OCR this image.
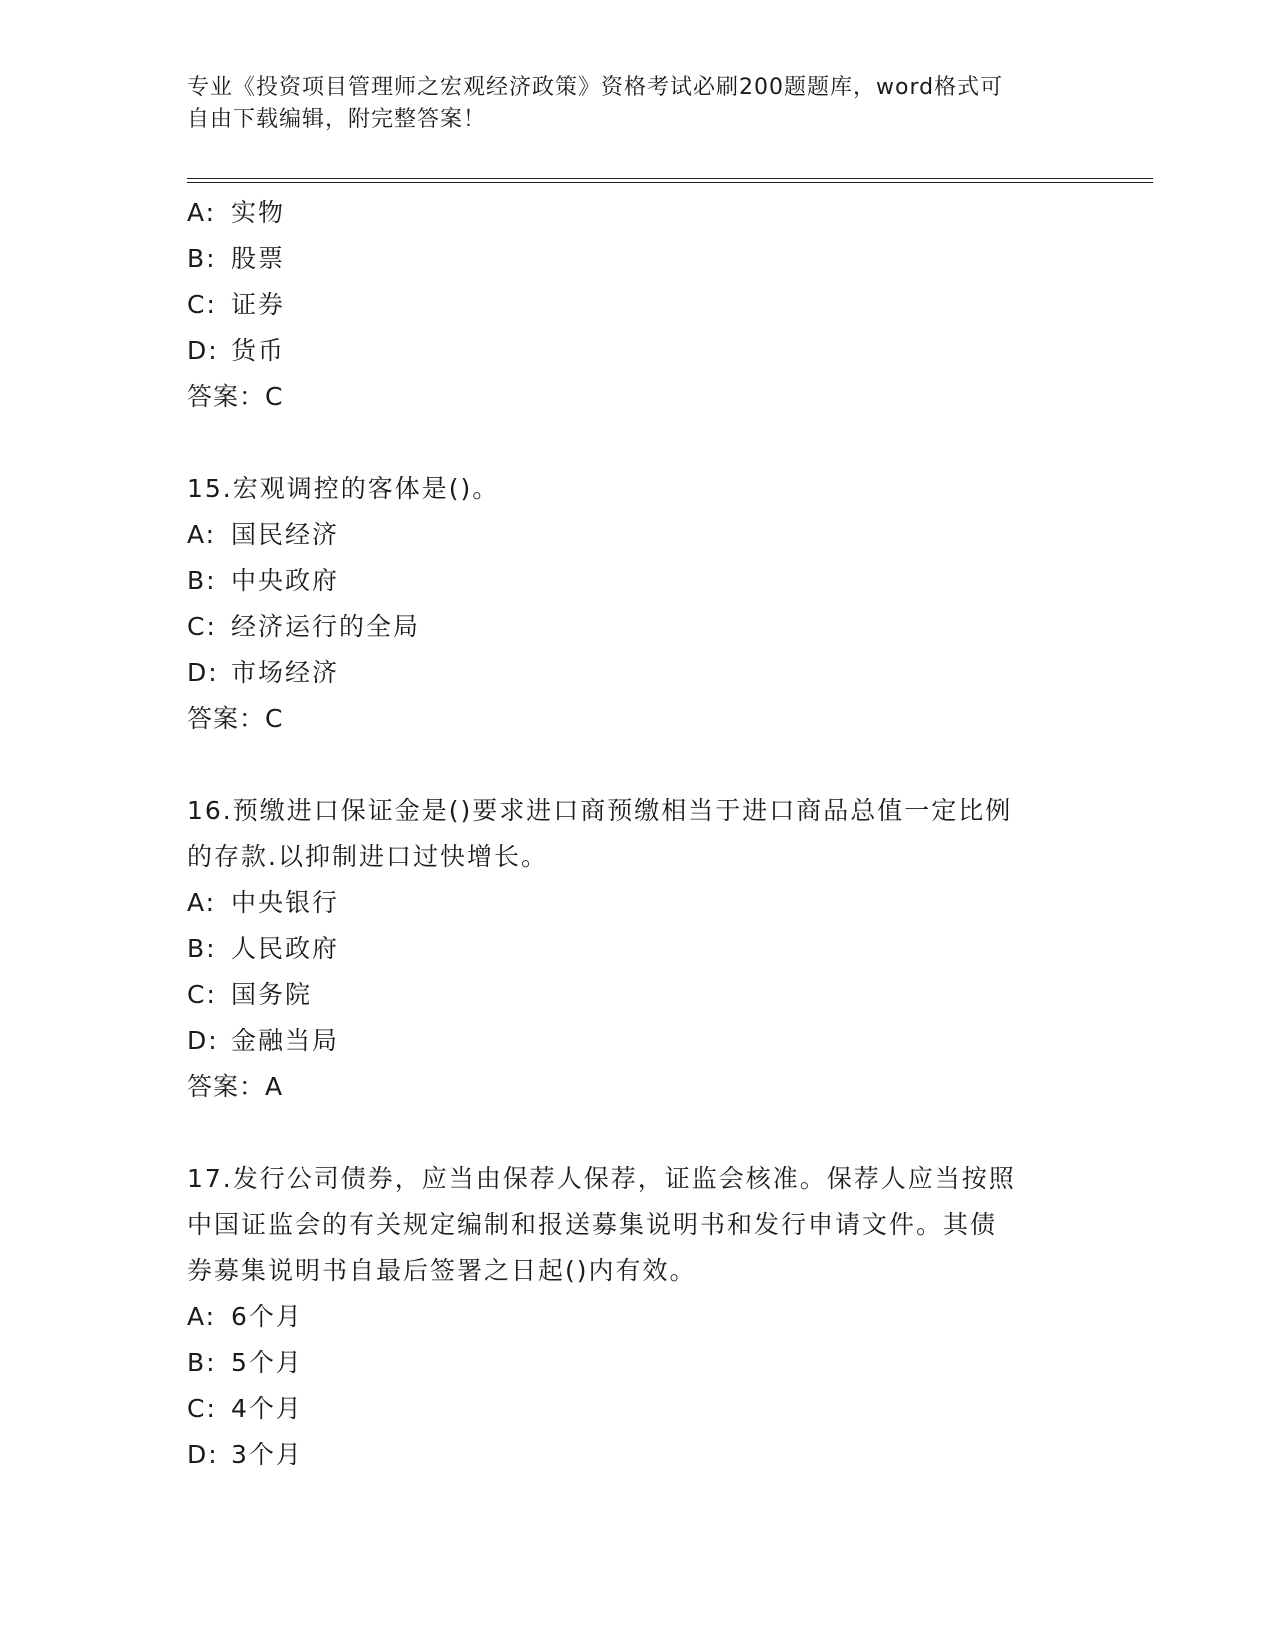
专业《投资项目管理师之宏观经济政策》资格考试必刷200题题库，word格式可
自由下载编辑，附完整答案！
A: 实物
B: 股票
C: 证券
D: 货币
答案：C
15.宏观调控的客体是()。
A: 国民经济
B: 中央政府
C: 经济运行的全局
D: 市场经济
答案：C
16.预缴进口保证金是()要求进口商预缴相当于进口商品总值一定比例
的存款.以抑制进口过快增长。
A: 中央银行
B: 人民政府
C: 国务院
D: 金融当局
答案：A
17.发行公司债券，应当由保荐人保荐，证监会核准。保荐人应当按照
中国证监会的有关规定编制和报送募集说明书和发行申请文件。其债
券募集说明书自最后签署之日起()内有效。
A: 6个月
B: 5个月
C: 4个月
D: 3个月
